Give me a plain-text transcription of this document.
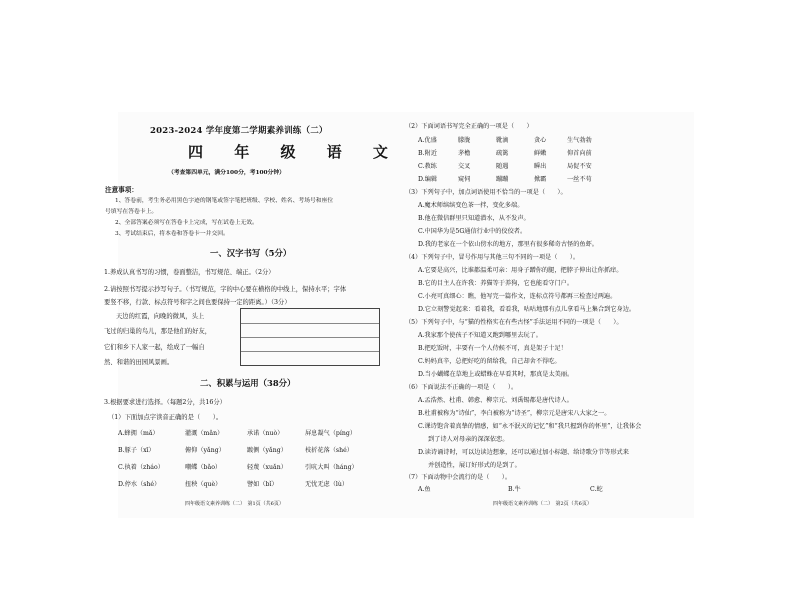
2023-2024 学年度第二学期素养训练（二）
四 年 级 语 文
（考查第四单元，满分100分，考100分钟）
注意事项：
1、答卷前，考生务必用黑色字迹的钢笔或签字笔把班级、学校、姓名、考场号和座位
号填写在答卷卡上。
2、全部答案必须写在答卷卡上完成，写在试卷上无效。
3、考试结束后，将本卷和答卷卡一并交回。
一、汉字书写（5分）
1.养成认真书写的习惯，卷面整洁，书写规范、端正。（2分）
2.请按照书写提示抄写句子。（书写规范，字的中心要在横格的中线上，保持水平；字体
要竖不移，行款、标点符号和字之间也要保持一定的距离。）（3分）
天边的红霞，向晚的微风，头上
飞过的归巢的鸟儿，那是他们的好友，
它们和乡下人家一起，绘成了一幅自
然、和谐的田园风景画。
二、积累与运用（38分）
3.根据要求进行选择。（每题2分，共16分）
（1）下面加点字读音正确的是（　　）。
A.蜂拥（mǎ）	灌溉（mǎn）	承诺（nuò）	屏息凝气（píng）
B.豚子（xī）	俯仰（yǎng）	踱侧（yǎng）	枝折花落（shé）
C.执着（zháo）	嘲蝶（bǎo）	轻蔑（xuǎn）	引吭大叫（háng）
D.停水（shé）	扭秧（què）	譬如（bǐ）	无忧无虑（lù）
四年级语文素养训练（二）　第1页（共6页）
（2）下面词语书写完全正确的一项是（　　）
A.优盛	朦胧	靴滴	贪心	生气勃勃
B.附近	茅檐	疏篱	鲜嫩	仰首向前
C.教练	交叉	随遇	瞬出	局促不安
D.编辑	窥伺	蹦蹦	掀霸	一丝不苟
（3）下列句子中，加点词语使用不恰当的一项是（　　）。
A.魔术师缤缤变色茶一拌，变化多端。
B.他在微信群里只知道潜水，从不发声。
C.中国华为是5G通信行业中的佼佼者。
D.我的老家在一个依山傍水的地方，那里有很多稀奇古怪的鱼虾。
（4）下列句子中，冒号作用与其他三句不同的一项是（　　）。
A.它要是高兴，比谁都温柔可亲：用身子蹭你的腿，把脖子伸出让你抓痒。
B.它的目主人在许我：养猫等于养狗，它也能看守门户。
C.小亮可真细心：瞧，他写完一篇作文，连标点符号都再三检查过两遍。
D.它立刻警觉起来：看着我，看看我，咕咕地那有点儿拿看马上集合到它身边。
（5）下列句子中，与“猫的性格实在有些古怪”手法运用不同的一项是（　　）。
A.我家那个使孩子不知道又跑到哪里去玩了。
B.把吃饭时，丰要有一个人侍候不可，真是架子十足！
C.妈妈真辛，总把好吃的留给我，自己却舍不得吃。
D.当小蝴蝶在草地上或蜡蛛在早看其时，那真是太美丽。
（6）下面说法不正确的一项是（　　）。
A.孟浩然、杜甫、韩愈、柳宗元、刘禹锡都是唐代诗人。
B.杜甫被称为“诗仙”，李白被称为“诗圣”，柳宗元是唐宋八大家之一。
C.课诗饱含着真挚的情感，如“永不泯灭的记忆”和“我只握到你的怀里”，让我体会
到了诗人对母亲的深深依恋。
D.读诗诵诗时，可以边读边想象，还可以通过加小标题、给诗歌分节等形式来
并创造性，展订好形式的是到了。
（7）下面动物中会流行的是（　　）。
A.鱼	B.牛	C.蛇
四年级语文素养训练（二）　第2页（共6页）
